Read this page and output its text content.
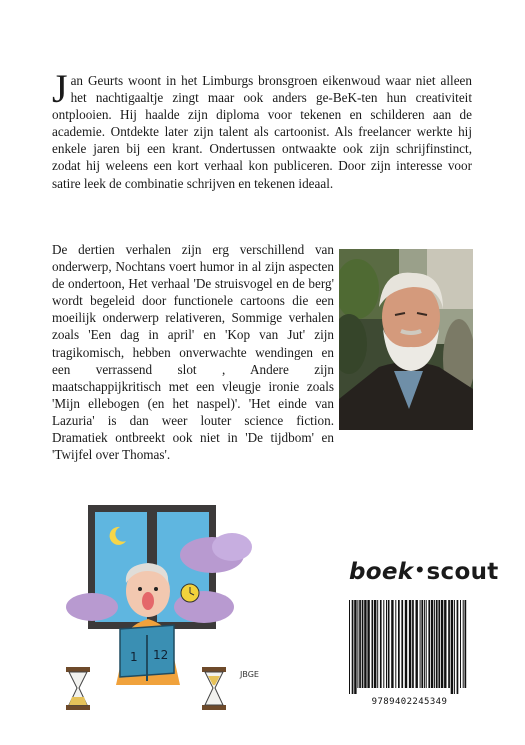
Jan Geurts woont in het Limburgs bronsgroen eikenwoud waar niet alleen het nachtigaaltje zingt maar ook anders ge-BeK-ten hun creativiteit ontplooien. Hij haalde zijn diploma voor tekenen en schilderen aan de academie. Ontdekte later zijn talent als cartoonist. Als freelancer werkte hij enkele jaren bij een krant. Ondertussen ontwaakte ook zijn schrijfinstinct, zodat hij weleens een kort verhaal kon publiceren. Door zijn interesse voor satire leek de combinatie schrijven en tekenen ideaal.

De dertien verhalen zijn erg verschillend van onderwerp, Nochtans voert humor in al zijn aspecten de ondertoon, Het verhaal 'De struisvogel en de berg' wordt begeleid door functionele cartoons die een moeilijk onderwerp relativeren, Sommige verhalen zoals 'Een dag in april' en 'Kop van Jut' zijn tragikomisch, hebben onverwachte wendingen en een verrassend slot , Andere zijn maatschappijkritisch met een vleugje ironie zoals 'Mijn ellebogen (en het naspel)'. 'Het einde van Lazuria' is dan weer louter science fiction. Dramatiek ontbreekt ook niet in 'De tijdbom' en 'Twijfel over Thomas'.

1 12
JBGE

boek•scout

9789402245349
